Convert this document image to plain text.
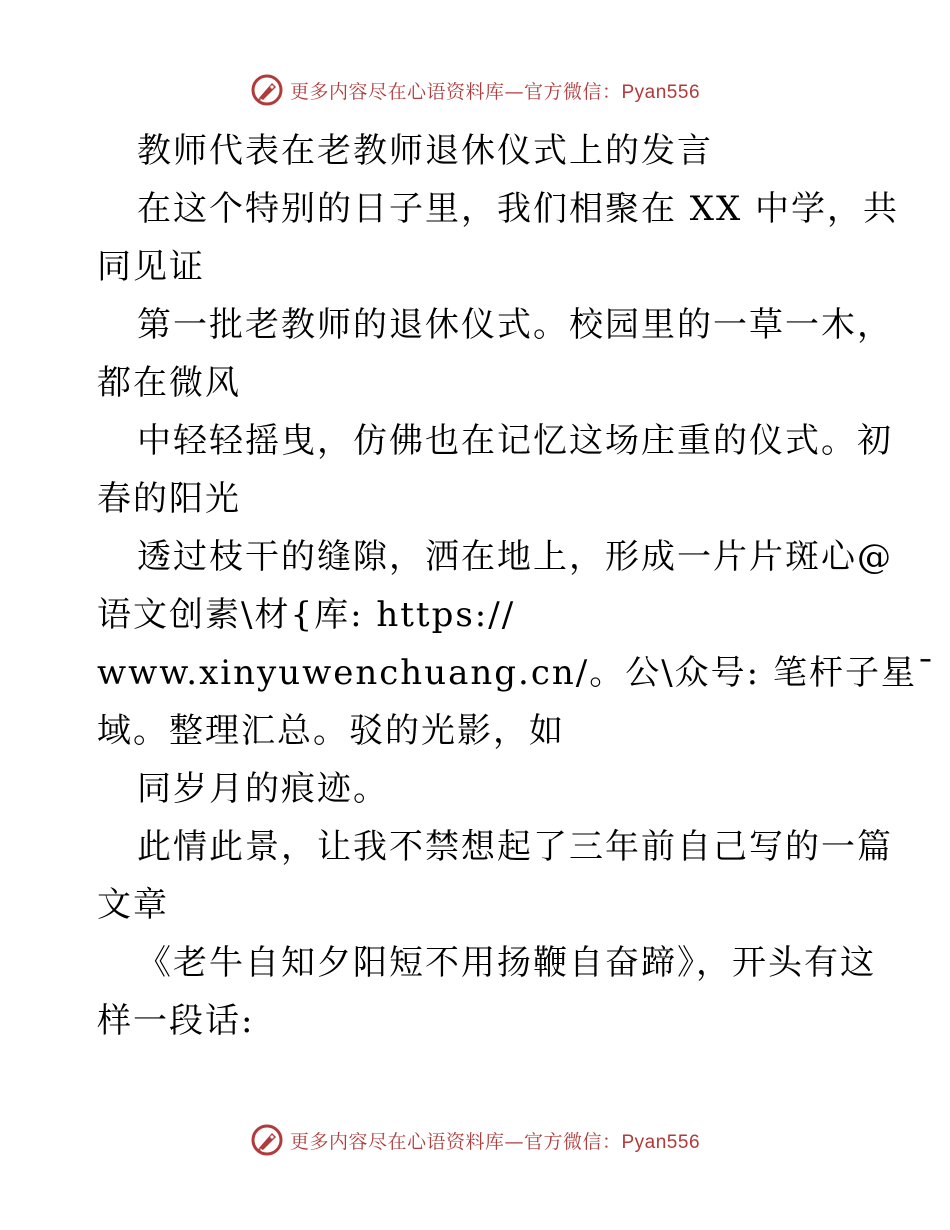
更多内容尽在心语资料库—官方微信：Pyan556
教师代表在老教师退休仪式上的发言
在这个特别的日子里，我们相聚在 XX 中学，共
同见证
第一批老教师的退休仪式。校园里的一草一木，
都在微风
中轻轻摇曳，仿佛也在记忆这场庄重的仪式。初
春的阳光
透过枝干的缝隙，洒在地上，形成一片片斑心@
语文创素\材{库: https://
www.xinyuwenchuang.cn/。公\众号: 笔杆子星¯
域。整理汇总。驳的光影，如
同岁月的痕迹。
此情此景，让我不禁想起了三年前自己写的一篇
文章
《老牛自知夕阳短不用扬鞭自奋蹄》，开头有这
样一段话:
更多内容尽在心语资料库—官方微信：Pyan556
